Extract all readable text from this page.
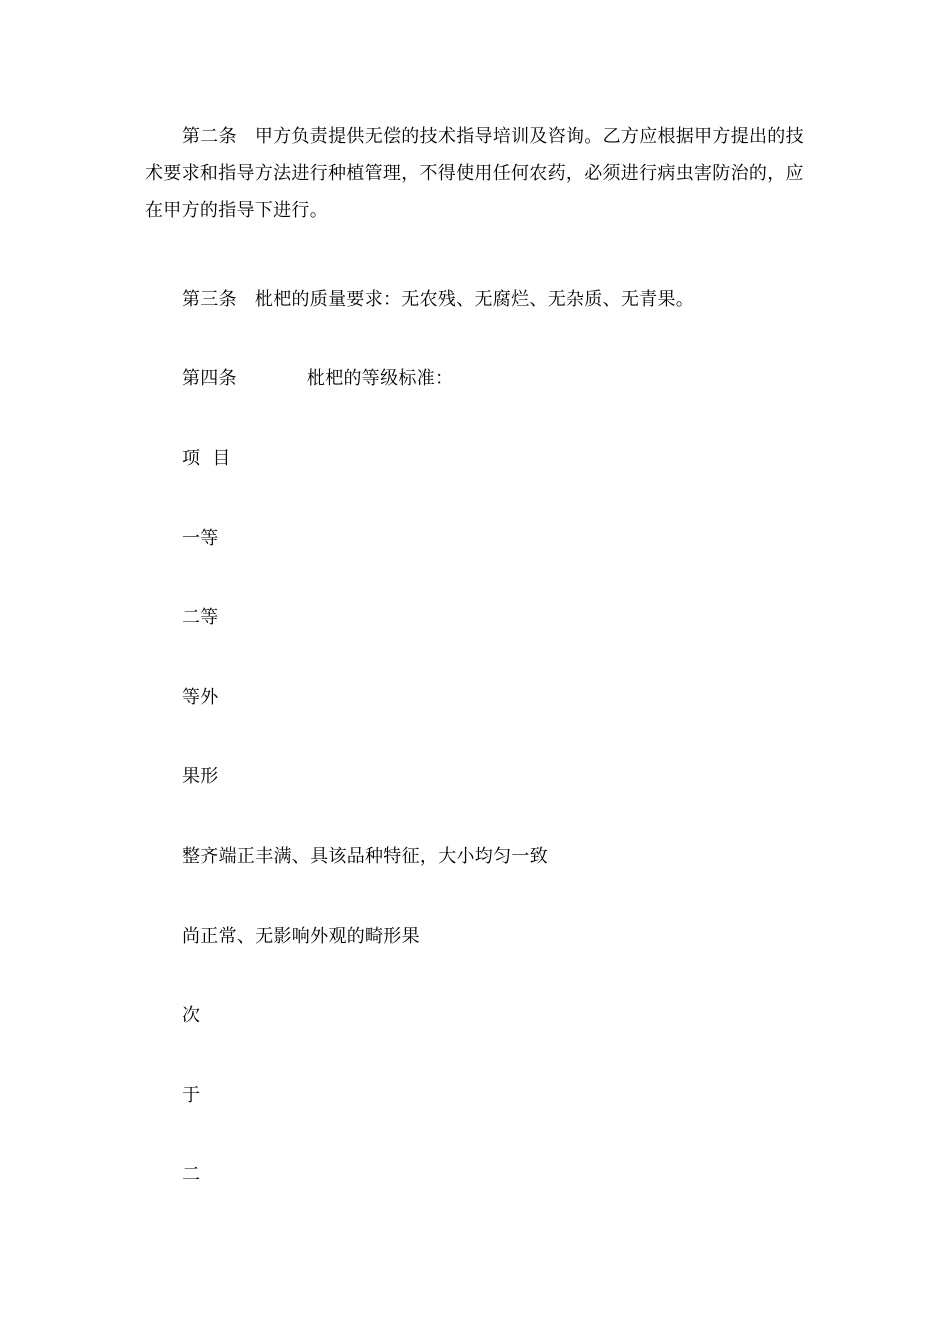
第二条 甲方负责提供无偿的技术指导培训及咨询。乙方应根据甲方提出的技术要求和指导方法进行种植管理，不得使用任何农药，必须进行病虫害防治的，应在甲方的指导下进行。

第三条 枇杷的质量要求：无农残、无腐烂、无杂质、无青果。

第四条	枇杷的等级标准：

项  目

一等

二等

等外

果形

整齐端正丰满、具该品种特征，大小均匀一致

尚正常、无影响外观的畸形果

次

于

二
